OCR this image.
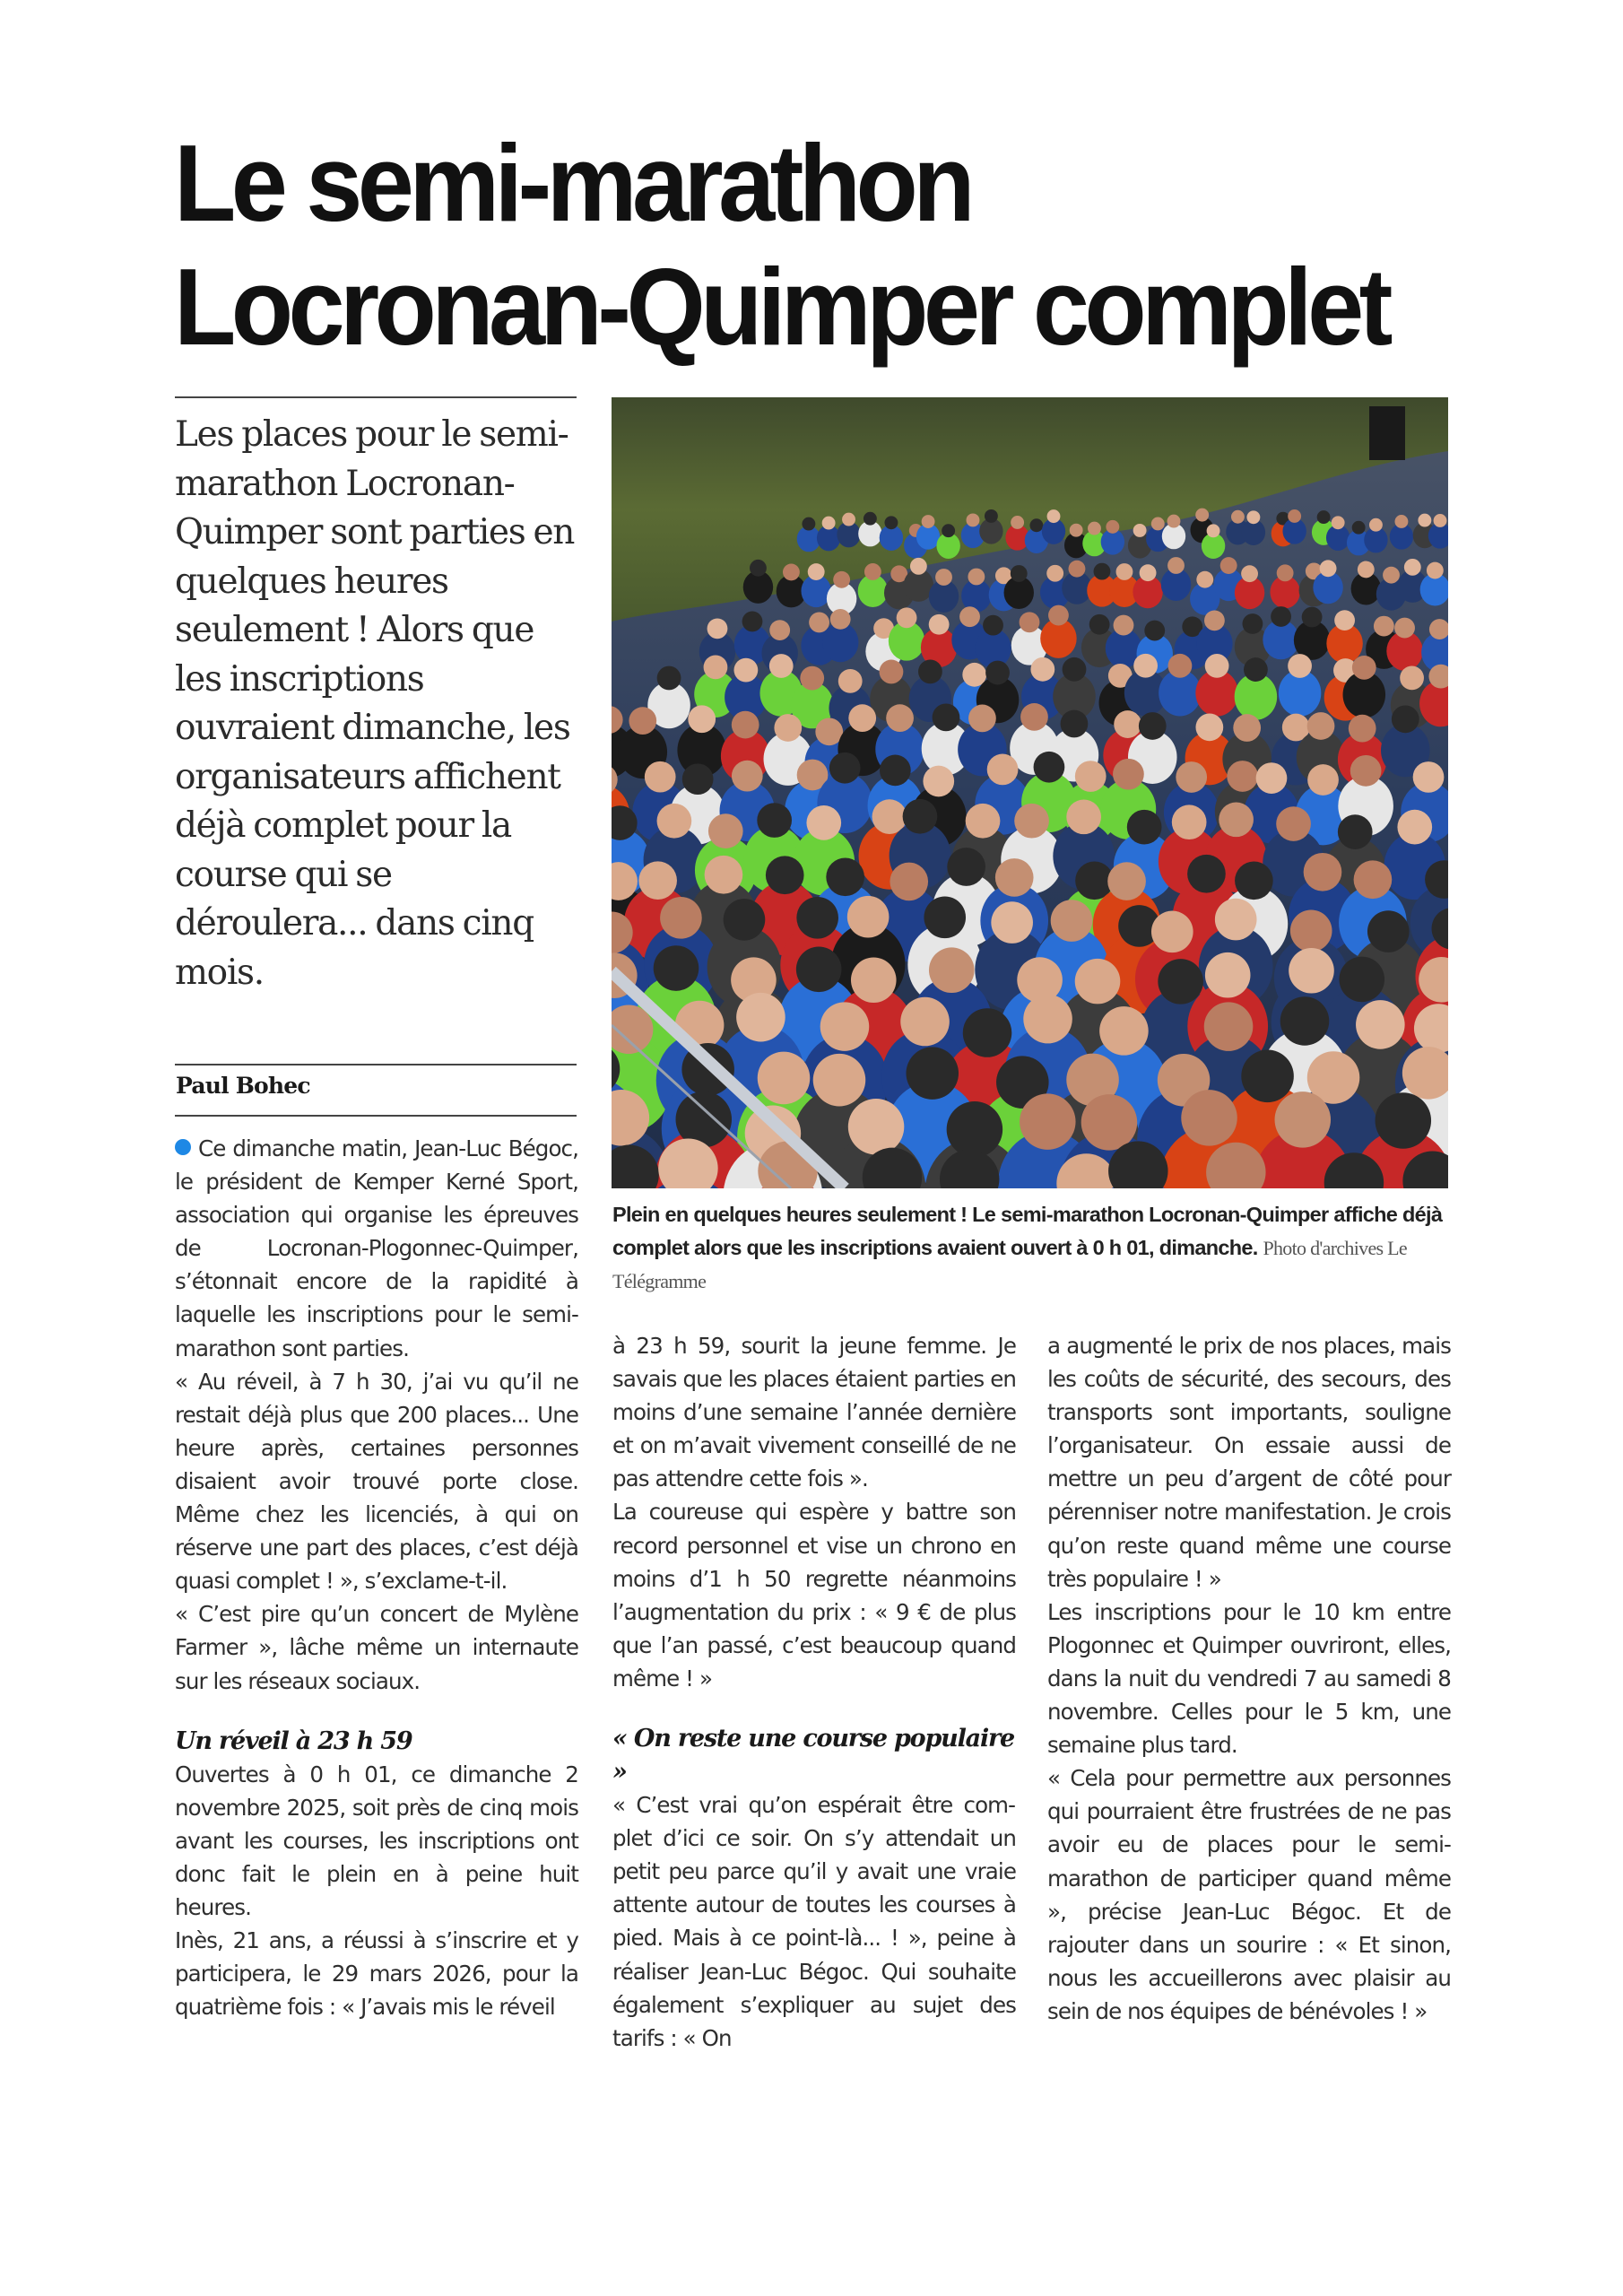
Le semi-marathon
Locronan-Quimper complet

Les places pour le semi-marathon Locronan-Quimper sont parties en quelques heures seulement ! Alors que les inscriptions ouvraient dimanche, les organisateurs affichent déjà complet pour la course qui se déroulera... dans cinq mois.

Paul Bohec
Plein en quelques heures seulement ! Le semi-marathon Locronan-Quimper affiche déjà complet alors que les inscriptions avaient ouvert à 0 h 01, dimanche. Photo d'archives Le Télégramme

Ce dimanche matin, Jean-Luc Bégoc, le président de Kemper Kerné Sport, association qui organise les épreuves de Locronan-Plogonnec-Quimper, s’étonnait encore de la rapidité à laquelle les inscriptions pour le semi-marathon sont parties.

« Au réveil, à 7 h 30, j’ai vu qu’il ne restait déjà plus que 200 places... Une heure après, certaines personnes disaient avoir trouvé porte close. Même chez les licenciés, à qui on réserve une part des places, c’est déjà quasi complet ! », s’exclame-t-il.

« C’est pire qu’un concert de Mylène Farmer », lâche même un internaute sur les réseaux sociaux.

Un réveil à 23 h 59

Ouvertes à 0 h 01, ce dimanche 2 novembre 2025, soit près de cinq mois avant les courses, les inscriptions ont donc fait le plein en à peine huit heures.

Inès, 21 ans, a réussi à s’inscrire et y participera, le 29 mars 2026, pour la quatrième fois : « J’avais mis le réveil

à 23 h 59, sourit la jeune femme. Je savais que les places étaient parties en moins d’une semaine l’année dernière et on m’avait vivement conseillé de ne pas attendre cette fois ».

La coureuse qui espère y battre son record personnel et vise un chrono en moins d’1 h 50 regrette néanmoins l’augmentation du prix : « 9 € de plus que l’an passé, c’est beaucoup quand même ! »

« On reste une course populaire »

« C’est vrai qu’on espérait être complet d’ici ce soir. On s’y attendait un petit peu parce qu’il y avait une vraie attente autour de toutes les courses à pied. Mais à ce point-là... ! », peine à réaliser Jean-Luc Bégoc. Qui souhaite également s’expliquer au sujet des tarifs : « On

a augmenté le prix de nos places, mais les coûts de sécurité, des secours, des transports sont importants, souligne l’organisateur. On essaie aussi de mettre un peu d’argent de côté pour pérenniser notre manifestation. Je crois qu’on reste quand même une course très populaire ! »

Les inscriptions pour le 10 km entre Plogonnec et Quimper ouvriront, elles, dans la nuit du vendredi 7 au samedi 8 novembre. Celles pour le 5 km, une semaine plus tard.

« Cela pour permettre aux personnes qui pourraient être frustrées de ne pas avoir eu de places pour le semi-marathon de participer quand même », précise Jean-Luc Bégoc. Et de rajouter dans un sourire : « Et sinon, nous les accueillerons avec plaisir au sein de nos équipes de bénévoles ! »
